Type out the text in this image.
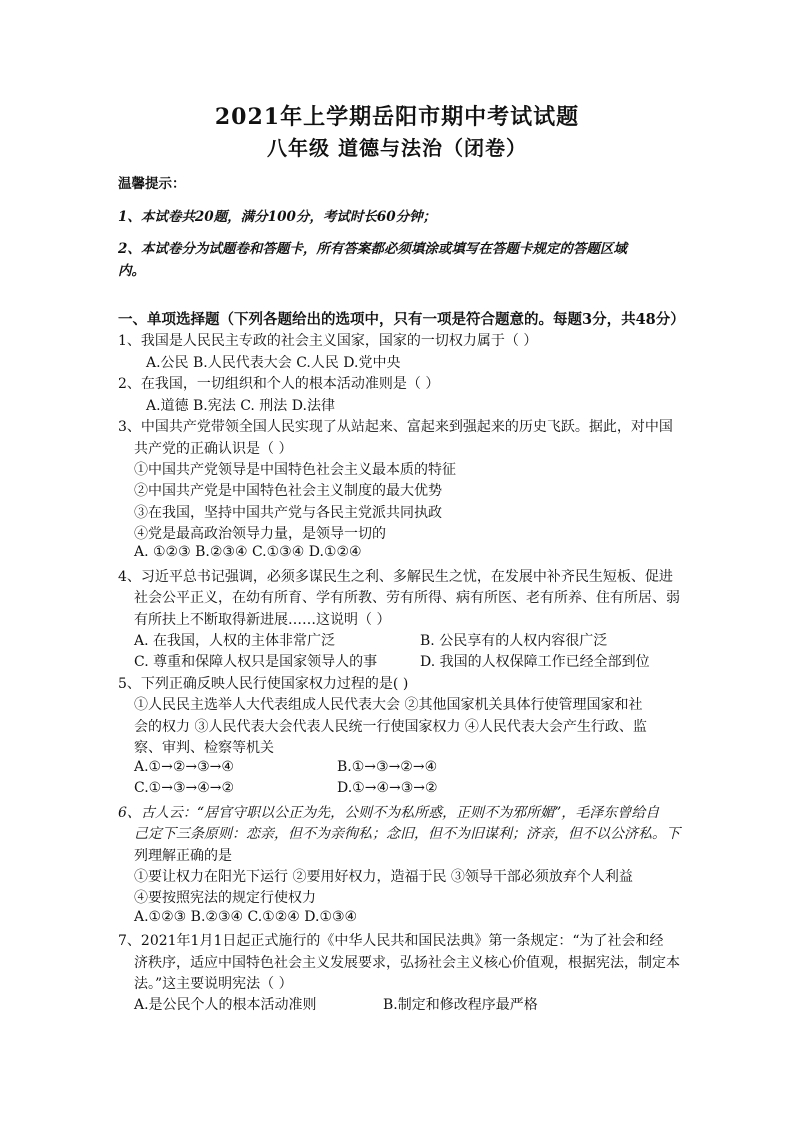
2021年上学期岳阳市期中考试试题
八年级 道德与法治（闭卷）
温馨提示：
1、本试卷共20题，满分100分，考试时长60分钟；
2、本试卷分为试题卷和答题卡，所有答案都必须填涂或填写在答题卡规定的答题区域
内。
一、单项选择题（下列各题给出的选项中，只有一项是符合题意的。每题3分，共48分）
1、我国是人民民主专政的社会主义国家，国家的一切权力属于（ ）
A.公民 B.人民代表大会 C.人民 D.党中央
2、在我国，一切组织和个人的根本活动准则是（ ）
A.道德 B.宪法 C. 刑法 D.法律
3、中国共产党带领全国人民实现了从站起来、富起来到强起来的历史飞跃。据此，对中国
共产党的正确认识是（ ）
①中国共产党领导是中国特色社会主义最本质的特征
②中国共产党是中国特色社会主义制度的最大优势
③在我国，坚持中国共产党与各民主党派共同执政
④党是最高政治领导力量，是领导一切的
A. ①②③ B.②③④ C.①③④ D.①②④
4、习近平总书记强调，必须多谋民生之利、多解民生之忧，在发展中补齐民生短板、促进
社会公平正义，在幼有所育、学有所教、劳有所得、病有所医、老有所养、住有所居、弱
有所扶上不断取得新进展……这说明（ ）
A. 在我国，人权的主体非常广泛	B. 公民享有的人权内容很广泛
C. 尊重和保障人权只是国家领导人的事	D. 我国的人权保障工作已经全部到位
5、下列正确反映人民行使国家权力过程的是( )
①人民民主选举人大代表组成人民代表大会 ②其他国家机关具体行使管理国家和社
会的权力 ③人民代表大会代表人民统一行使国家权力 ④人民代表大会产生行政、监
察、审判、检察等机关
A.①→②→③→④	B.①→③→②→④
C.①→③→④→②	D.①→④→③→②
6、古人云：“居官守职以公正为先，公则不为私所惑，正则不为邪所媚”，毛泽东曾给自
己定下三条原则：恋亲，但不为亲徇私；念旧，但不为旧谋利；济亲，但不以公济私。下
列理解正确的是
①要让权力在阳光下运行 ②要用好权力，造福于民 ③领导干部必须放弃个人利益
④要按照宪法的规定行使权力
A.①②③ B.②③④ C.①②④ D.①③④
7、2021年1月1日起正式施行的《中华人民共和国民法典》第一条规定：“为了社会和经
济秩序，适应中国特色社会主义发展要求，弘扬社会主义核心价值观，根据宪法，制定本
法。”这主要说明宪法（ ）
A.是公民个人的根本活动准则	B.制定和修改程序最严格
